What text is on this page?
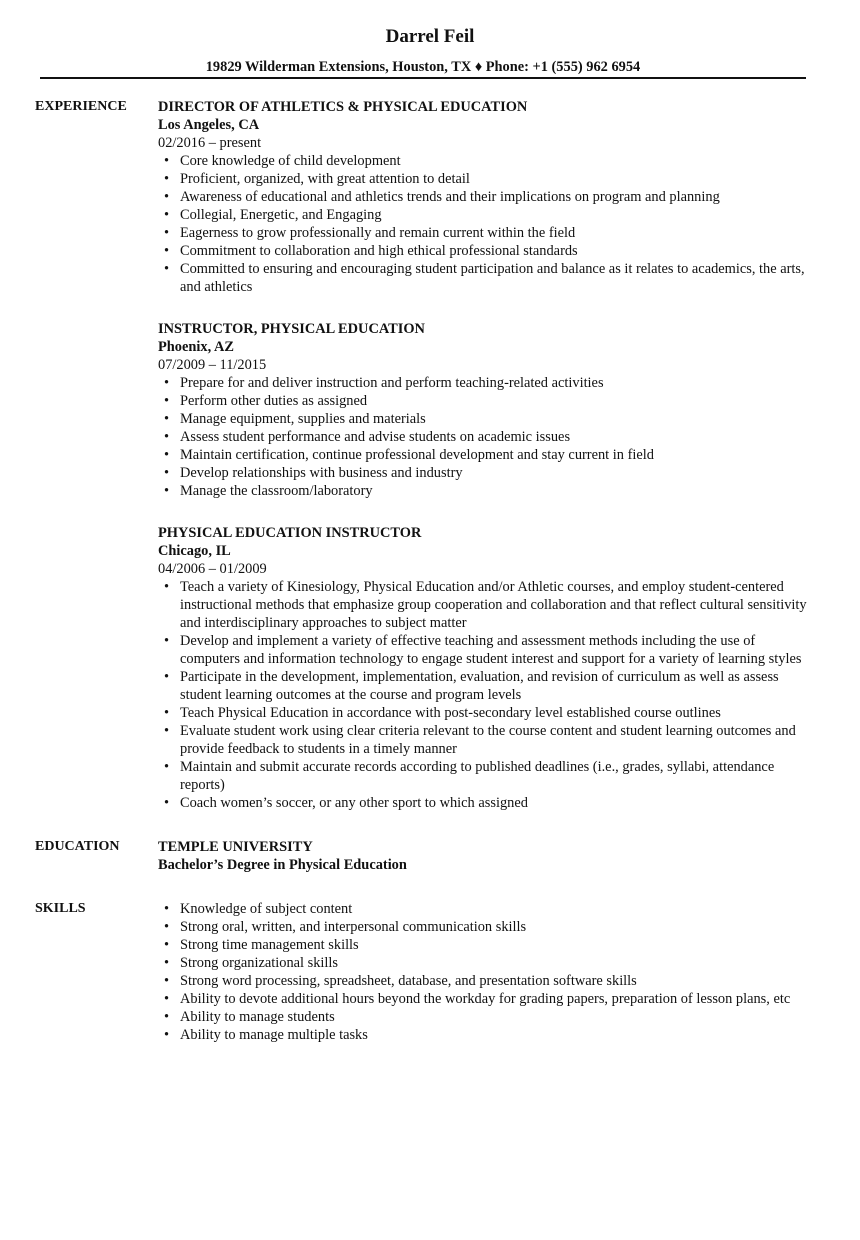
Darrel Feil
19829 Wilderman Extensions, Houston, TX ♦ Phone: +1 (555) 962 6954
EXPERIENCE	DIRECTOR OF ATHLETICS & PHYSICAL EDUCATION
Los Angeles, CA
02/2016 – present
• Core knowledge of child development
• Proficient, organized, with great attention to detail
• Awareness of educational and athletics trends and their implications on program and planning
• Collegial, Energetic, and Engaging
• Eagerness to grow professionally and remain current within the field
• Commitment to collaboration and high ethical professional standards
• Committed to ensuring and encouraging student participation and balance as it relates to academics, the arts, and athletics
INSTRUCTOR, PHYSICAL EDUCATION
Phoenix, AZ
07/2009 – 11/2015
• Prepare for and deliver instruction and perform teaching-related activities
• Perform other duties as assigned
• Manage equipment, supplies and materials
• Assess student performance and advise students on academic issues
• Maintain certification, continue professional development and stay current in field
• Develop relationships with business and industry
• Manage the classroom/laboratory
PHYSICAL EDUCATION INSTRUCTOR
Chicago, IL
04/2006 – 01/2009
• Teach a variety of Kinesiology, Physical Education and/or Athletic courses, and employ student-centered instructional methods that emphasize group cooperation and collaboration and that reflect cultural sensitivity and interdisciplinary approaches to subject matter
• Develop and implement a variety of effective teaching and assessment methods including the use of computers and information technology to engage student interest and support for a variety of learning styles
• Participate in the development, implementation, evaluation, and revision of curriculum as well as assess student learning outcomes at the course and program levels
• Teach Physical Education in accordance with post-secondary level established course outlines
• Evaluate student work using clear criteria relevant to the course content and student learning outcomes and provide feedback to students in a timely manner
• Maintain and submit accurate records according to published deadlines (i.e., grades, syllabi, attendance reports)
• Coach women’s soccer, or any other sport to which assigned
EDUCATION	TEMPLE UNIVERSITY
Bachelor’s Degree in Physical Education
SKILLS	• Knowledge of subject content
• Strong oral, written, and interpersonal communication skills
• Strong time management skills
• Strong organizational skills
• Strong word processing, spreadsheet, database, and presentation software skills
• Ability to devote additional hours beyond the workday for grading papers, preparation of lesson plans, etc
• Ability to manage students
• Ability to manage multiple tasks
